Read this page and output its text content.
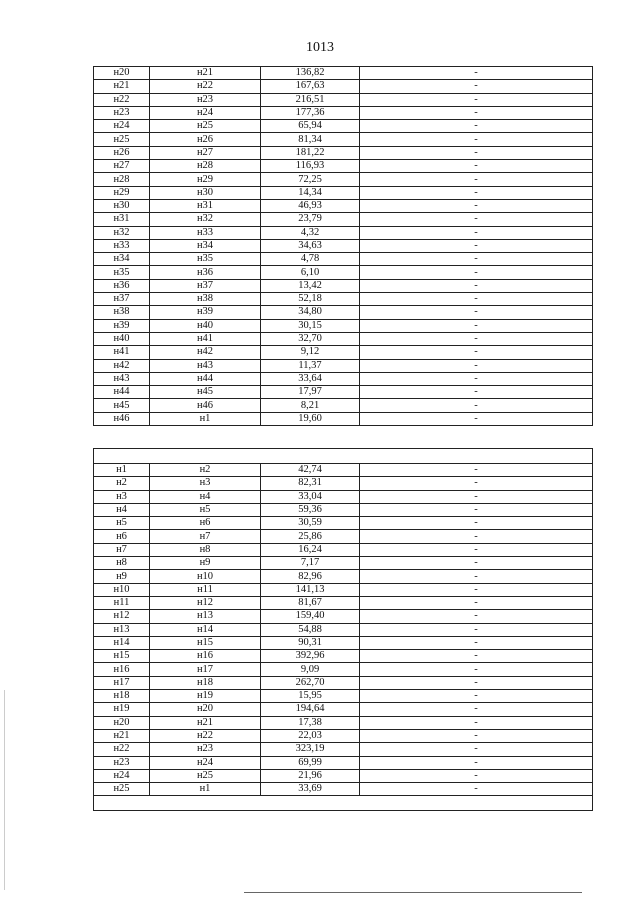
1013
н20	н21	136,82	-
н21	н22	167,63	-
н22	н23	216,51	-
н23	н24	177,36	-
н24	н25	65,94	-
н25	н26	81,34	-
н26	н27	181,22	-
н27	н28	116,93	-
н28	н29	72,25	-
н29	н30	14,34	-
н30	н31	46,93	-
н31	н32	23,79	-
н32	н33	4,32	-
н33	н34	34,63	-
н34	н35	4,78	-
н35	н36	6,10	-
н36	н37	13,42	-
н37	н38	52,18	-
н38	н39	34,80	-
н39	н40	30,15	-
н40	н41	32,70	-
н41	н42	9,12	-
н42	н43	11,37	-
н43	н44	33,64	-
н44	н45	17,97	-
н45	н46	8,21	-
н46	н1	19,60	-

н1	н2	42,74	-
н2	н3	82,31	-
н3	н4	33,04	-
н4	н5	59,36	-
н5	н6	30,59	-
н6	н7	25,86	-
н7	н8	16,24	-
н8	н9	7,17	-
н9	н10	82,96	-
н10	н11	141,13	-
н11	н12	81,67	-
н12	н13	159,40	-
н13	н14	54,88	-
н14	н15	90,31	-
н15	н16	392,96	-
н16	н17	9,09	-
н17	н18	262,70	-
н18	н19	15,95	-
н19	н20	194,64	-
н20	н21	17,38	-
н21	н22	22,03	-
н22	н23	323,19	-
н23	н24	69,99	-
н24	н25	21,96	-
н25	н1	33,69	-
